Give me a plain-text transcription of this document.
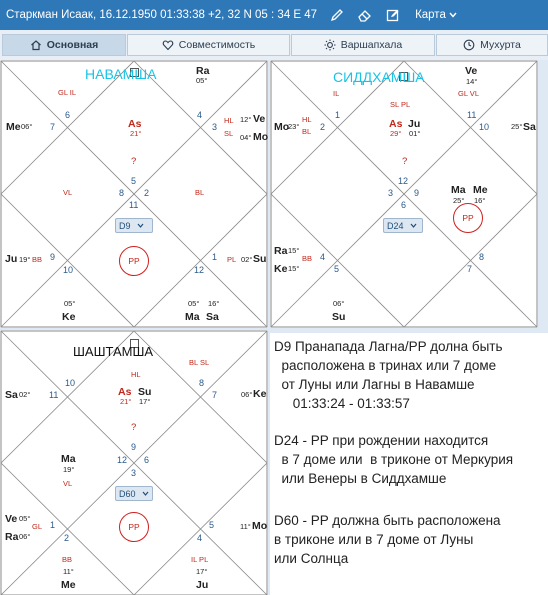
Старкман Исаак, 16.12.1950 01:33:38 +2, 32 N 05 : 34 E 47	Карта
Основная	Совместимость	Варшапхала	Мухурта
НАВАМША	Ra
05°
GL IL
6	4
Me 06° 7	As
21°
3
HL
SL
12° Ve
04° Mo
?
5
VL	8 2	BL
11
D9
Ju 19° BB 9	PP	1 PL 02° Su
10	12
05°
Ke
05°
Ma
16°
Sa
СИДДХАМША	Ve
14°
GL VL
IL
SL PL
Mo
23°
HL
BL
1
As
29°
Ju
01°
11
10	25° Sa
2
?
12
3 9
6
Ma
25°
Me
16°
PP
D24
Ra 15°
Ke 15°
BB 4	8
5	7
06°
Su
ШАШТАМША
BL SL
HL
10	8
Sa 02° 11	As
21°
Su
17°
7	06° Ke
?
9
Ma
19°
12 6
3
VL
D60
Ve 05°
GL
Ra 06°
1	PP	5	11° Mo
2	4
BB	IL PL
11°
Me
17°
Ju
D9 Пранапада Лагна/PP долна быть
расположена в тринах или 7 доме
от Луны или Лагны в Навамше
01:33:24 - 01:33:57
D24 - PP при рождении находится
в 7 доме или  в триконе от Меркурия
или Венеры в Сиддхамше
D60 - PP должна быть расположена
в триконе или в 7 доме от Луны
или Солнца
